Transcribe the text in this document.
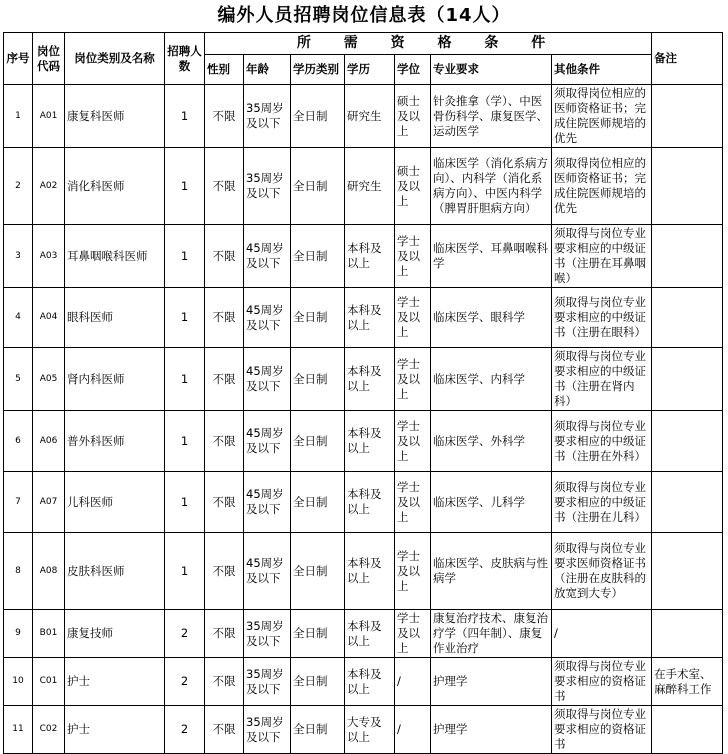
编外人员招聘岗位信息表（14人）
序号	岗位代码	岗位类别及名称	招聘人数	所 需 资 格 条 件							备注
				性别	年龄	学历类别	学历	学位	专业要求	其他条件	
1	A01	康复科医师	1	不限	35周岁及以下	全日制	研究生	硕士及以上	针灸推拿（学）、中医骨伤科学、康复医学、运动医学	须取得岗位相应的医师资格证书；完成住院医师规培的优先	
2	A02	消化科医师	1	不限	35周岁及以下	全日制	研究生	硕士及以上	临床医学（消化系病方向）、内科学（消化系病方向）、中医内科学（脾胃肝胆病方向）	须取得岗位相应的医师资格证书；完成住院医师规培的优先	
3	A03	耳鼻咽喉科医师	1	不限	45周岁及以下	全日制	本科及以上	学士及以上	临床医学、耳鼻咽喉科学	须取得与岗位专业要求相应的中级证书（注册在耳鼻咽喉）	
4	A04	眼科医师	1	不限	45周岁及以下	全日制	本科及以上	学士及以上	临床医学、眼科学	须取得与岗位专业要求相应的中级证书（注册在眼科）	
5	A05	肾内科医师	1	不限	45周岁及以下	全日制	本科及以上	学士及以上	临床医学、内科学	须取得与岗位专业要求相应的中级证书（注册在肾内科）	
6	A06	普外科医师	1	不限	45周岁及以下	全日制	本科及以上	学士及以上	临床医学、外科学	须取得与岗位专业要求相应的中级证书（注册在外科）	
7	A07	儿科医师	1	不限	45周岁及以下	全日制	本科及以上	学士及以上	临床医学、儿科学	须取得与岗位专业要求相应的中级证书（注册在儿科）	
8	A08	皮肤科医师	1	不限	45周岁及以下	全日制	本科及以上	学士及以上	临床医学、皮肤病与性病学	须取得与岗位专业要求医师资格证书（注册在皮肤科的放宽到大专）	
9	B01	康复技师	2	不限	35周岁及以下	全日制	本科及以上	学士及以上	康复治疗技术、康复治疗学（四年制）、康复作业治疗	/	
10	C01	护士	2	不限	35周岁及以下	全日制	本科及以上	/	护理学	须取得与岗位专业要求相应的资格证书	在手术室、麻醉科工作
11	C02	护士	2	不限	35周岁及以下	全日制	大专及以上	/	护理学	须取得与岗位专业要求相应的资格证书	
